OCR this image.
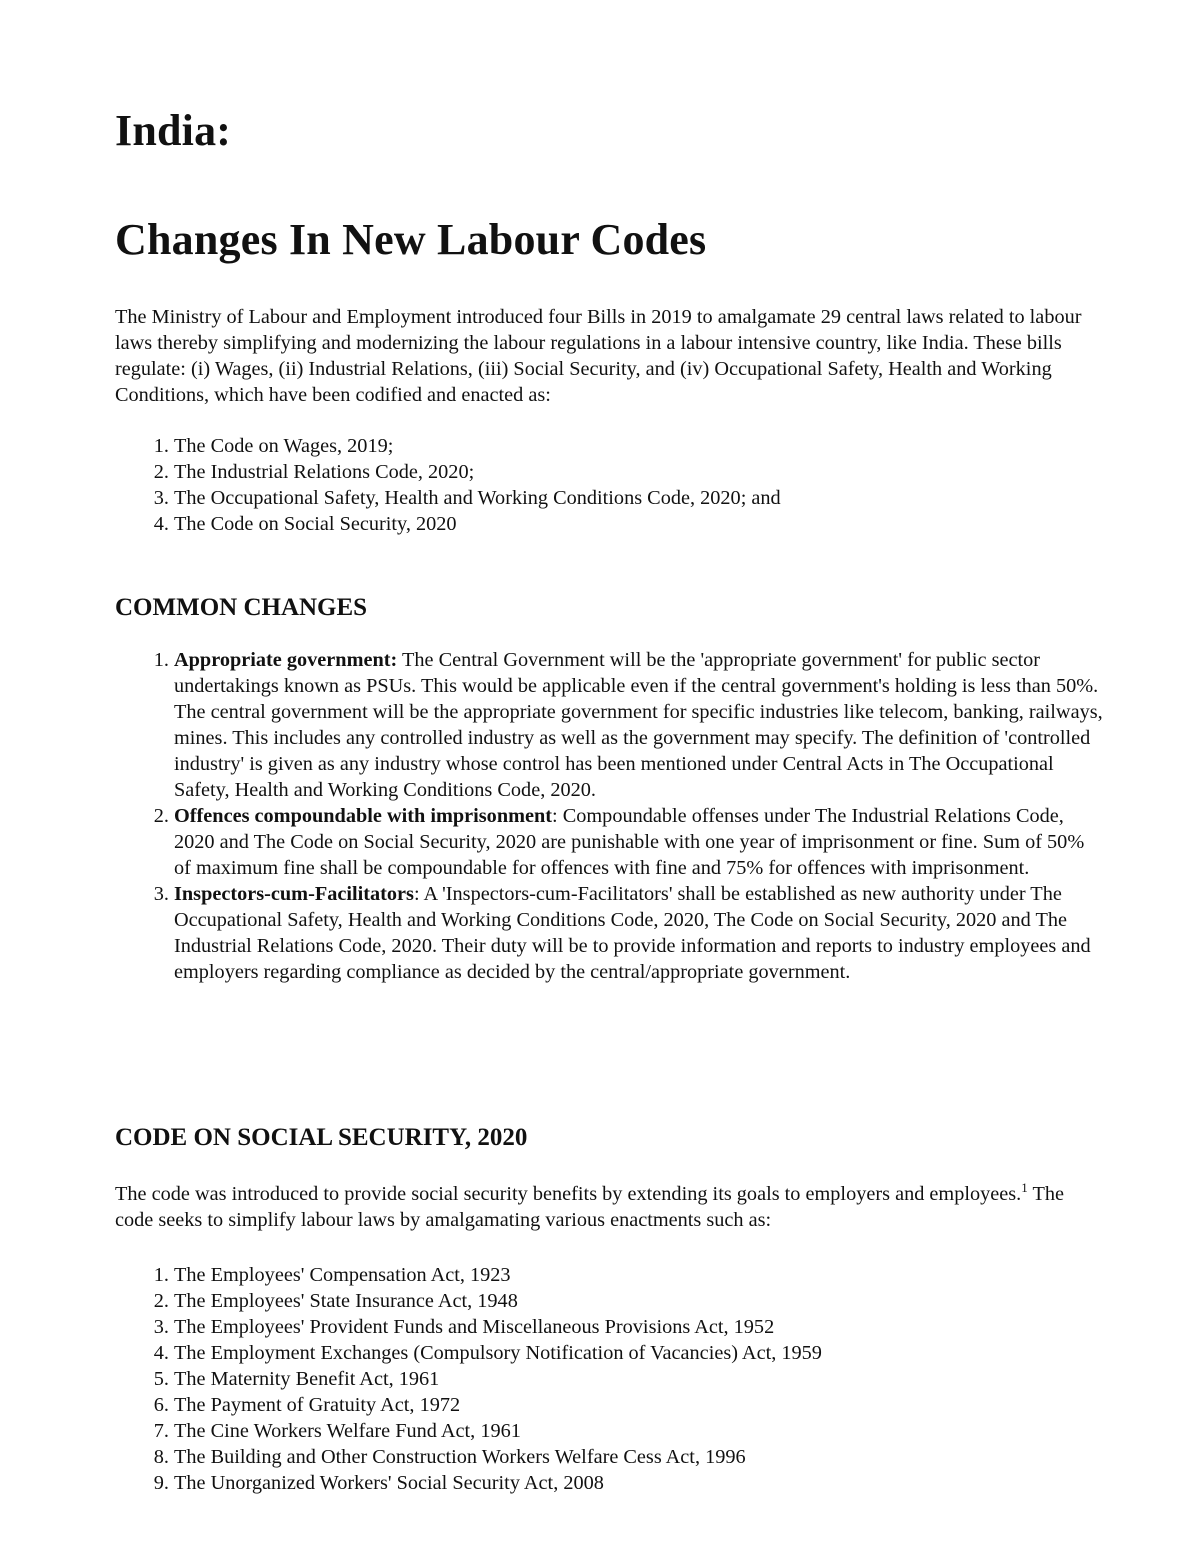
India:
Changes In New Labour Codes

The Ministry of Labour and Employment introduced four Bills in 2019 to amalgamate 29 central laws related to labour laws thereby simplifying and modernizing the labour regulations in a labour intensive country, like India. These bills regulate: (i) Wages, (ii) Industrial Relations, (iii) Social Security, and (iv) Occupational Safety, Health and Working Conditions, which have been codified and enacted as:

1. The Code on Wages, 2019;
2. The Industrial Relations Code, 2020;
3. The Occupational Safety, Health and Working Conditions Code, 2020; and
4. The Code on Social Security, 2020
COMMON CHANGES
1. Appropriate government: The Central Government will be the 'appropriate government' for public sector undertakings known as PSUs. This would be applicable even if the central government's holding is less than 50%. The central government will be the appropriate government for specific industries like telecom, banking, railways, mines. This includes any controlled industry as well as the government may specify. The definition of 'controlled industry' is given as any industry whose control has been mentioned under Central Acts in The Occupational Safety, Health and Working Conditions Code, 2020.
2. Offences compoundable with imprisonment: Compoundable offenses under The Industrial Relations Code, 2020 and The Code on Social Security, 2020 are punishable with one year of imprisonment or fine. Sum of 50% of maximum fine shall be compoundable for offences with fine and 75% for offences with imprisonment.
3. Inspectors-cum-Facilitators: A 'Inspectors-cum-Facilitators' shall be established as new authority under The Occupational Safety, Health and Working Conditions Code, 2020, The Code on Social Security, 2020 and The Industrial Relations Code, 2020. Their duty will be to provide information and reports to industry employees and employers regarding compliance as decided by the central/appropriate government.
CODE ON SOCIAL SECURITY, 2020

The code was introduced to provide social security benefits by extending its goals to employers and employees.$^1$ The code seeks to simplify labour laws by amalgamating various enactments such as:

1. The Employees' Compensation Act, 1923
2. The Employees' State Insurance Act, 1948
3. The Employees' Provident Funds and Miscellaneous Provisions Act, 1952
4. The Employment Exchanges (Compulsory Notification of Vacancies) Act, 1959
5. The Maternity Benefit Act, 1961
6. The Payment of Gratuity Act, 1972
7. The Cine Workers Welfare Fund Act, 1961
8. The Building and Other Construction Workers Welfare Cess Act, 1996
9. The Unorganized Workers' Social Security Act, 2008
